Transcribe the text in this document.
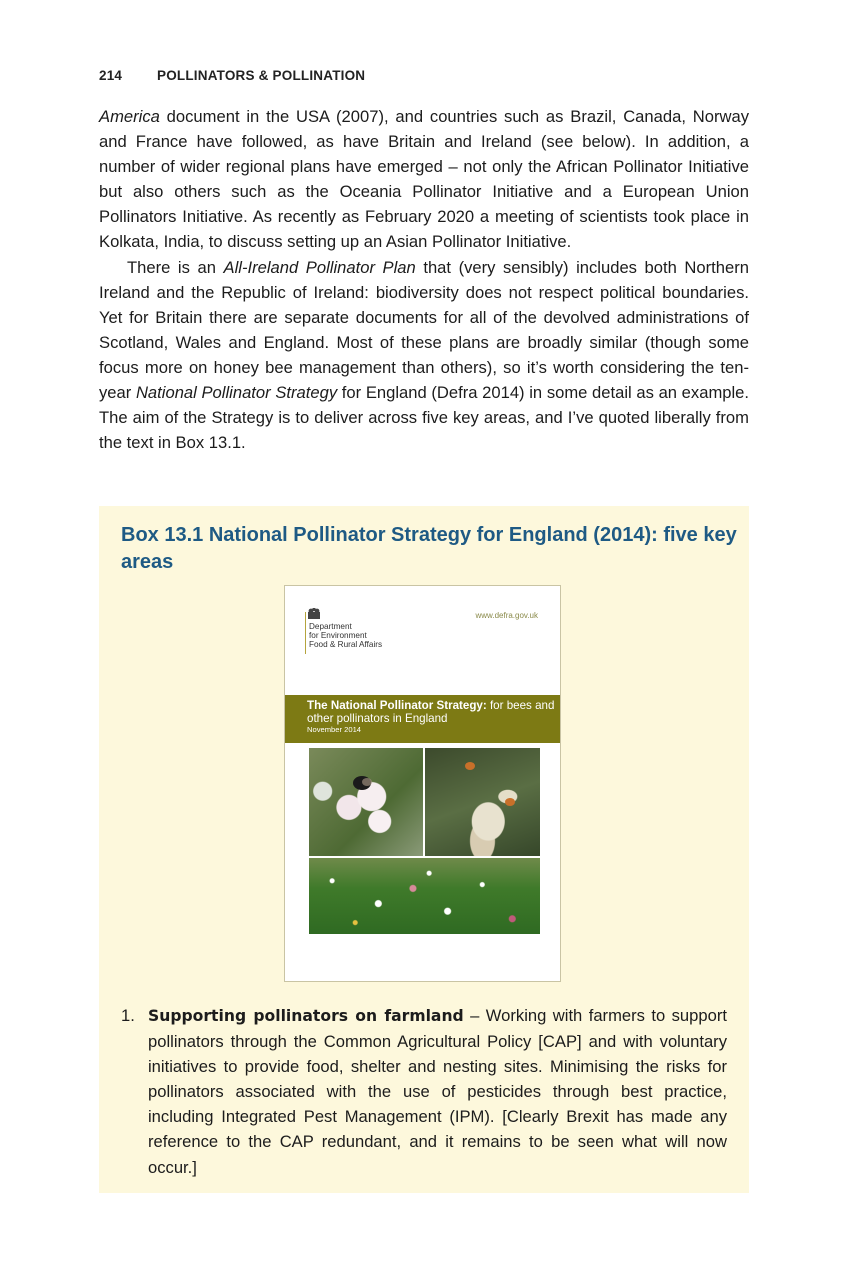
214	POLLINATORS & POLLINATION

America document in the USA (2007), and countries such as Brazil, Canada, Norway and France have followed, as have Britain and Ireland (see below). In addition, a number of wider regional plans have emerged – not only the African Pollinator Initiative but also others such as the Oceania Pollinator Initiative and a European Union Pollinators Initiative. As recently as February 2020 a meeting of scientists took place in Kolkata, India, to discuss setting up an Asian Pollinator Initiative.

There is an All-Ireland Pollinator Plan that (very sensibly) includes both Northern Ireland and the Republic of Ireland: biodiversity does not respect political boundaries. Yet for Britain there are separate documents for all of the devolved administrations of Scotland, Wales and England. Most of these plans are broadly similar (though some focus more on honey bee management than others), so it’s worth considering the ten-year National Pollinator Strategy for England (Defra 2014) in some detail as an example. The aim of the Strategy is to deliver across five key areas, and I’ve quoted liberally from the text in Box 13.1.

Box 13.1 National Pollinator Strategy for England (2014): five key areas
Department
for Environment
Food & Rural Affairs
www.defra.gov.uk
The National Pollinator Strategy: for bees and other pollinators in England
November 2014
1. Supporting pollinators on farmland – Working with farmers to support pollinators through the Common Agricultural Policy [CAP] and with voluntary initiatives to provide food, shelter and nesting sites. Minimising the risks for pollinators associated with the use of pesticides through best practice, including Integrated Pest Management (IPM). [Clearly Brexit has made any reference to the CAP redundant, and it remains to be seen what will now occur.]
